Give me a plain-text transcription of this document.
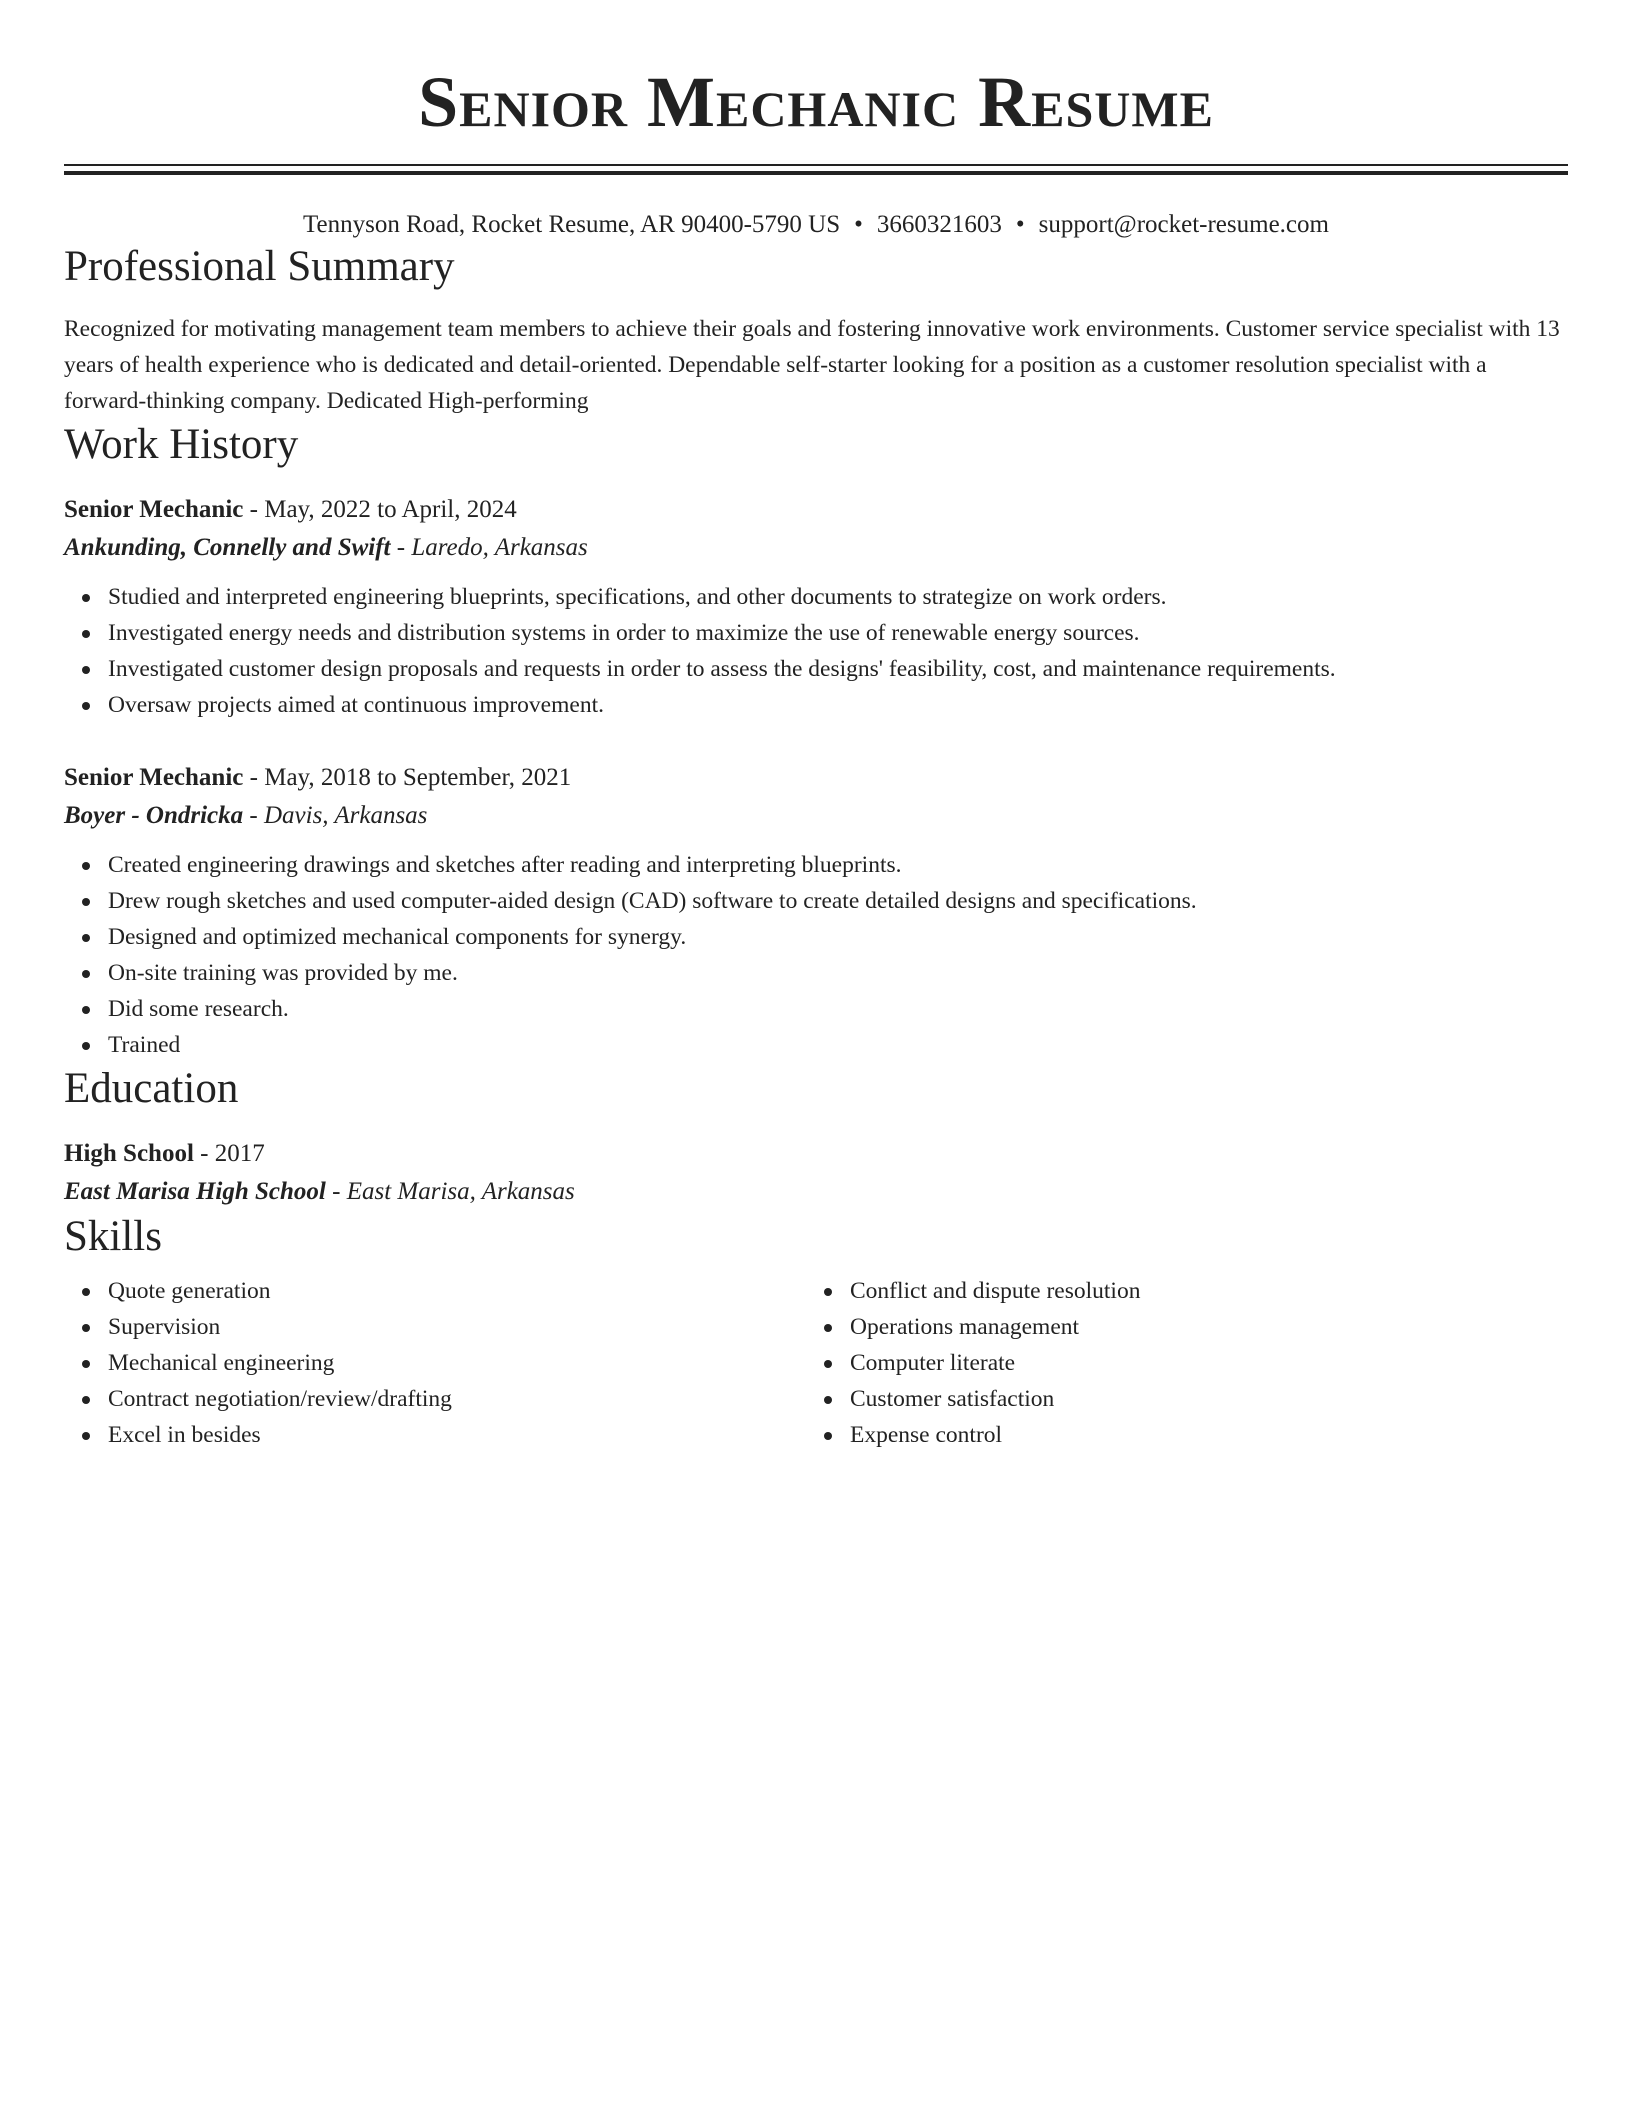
Senior Mechanic Resume
Tennyson Road, Rocket Resume, AR 90400-5790 US • 3660321603 • support@rocket-resume.com
Professional Summary
Recognized for motivating management team members to achieve their goals and fostering innovative work environments. Customer service specialist with 13 years of health experience who is dedicated and detail-oriented. Dependable self-starter looking for a position as a customer resolution specialist with a forward-thinking company. Dedicated High-performing
Work History
Senior Mechanic - May, 2022 to April, 2024
Ankunding, Connelly and Swift - Laredo, Arkansas
Studied and interpreted engineering blueprints, specifications, and other documents to strategize on work orders.
Investigated energy needs and distribution systems in order to maximize the use of renewable energy sources.
Investigated customer design proposals and requests in order to assess the designs' feasibility, cost, and maintenance requirements.
Oversaw projects aimed at continuous improvement.
Senior Mechanic - May, 2018 to September, 2021
Boyer - Ondricka - Davis, Arkansas
Created engineering drawings and sketches after reading and interpreting blueprints.
Drew rough sketches and used computer-aided design (CAD) software to create detailed designs and specifications.
Designed and optimized mechanical components for synergy.
On-site training was provided by me.
Did some research.
Trained
Education
High School - 2017
East Marisa High School - East Marisa, Arkansas
Skills
Quote generation
Supervision
Mechanical engineering
Contract negotiation/review/drafting
Excel in besides
Conflict and dispute resolution
Operations management
Computer literate
Customer satisfaction
Expense control
